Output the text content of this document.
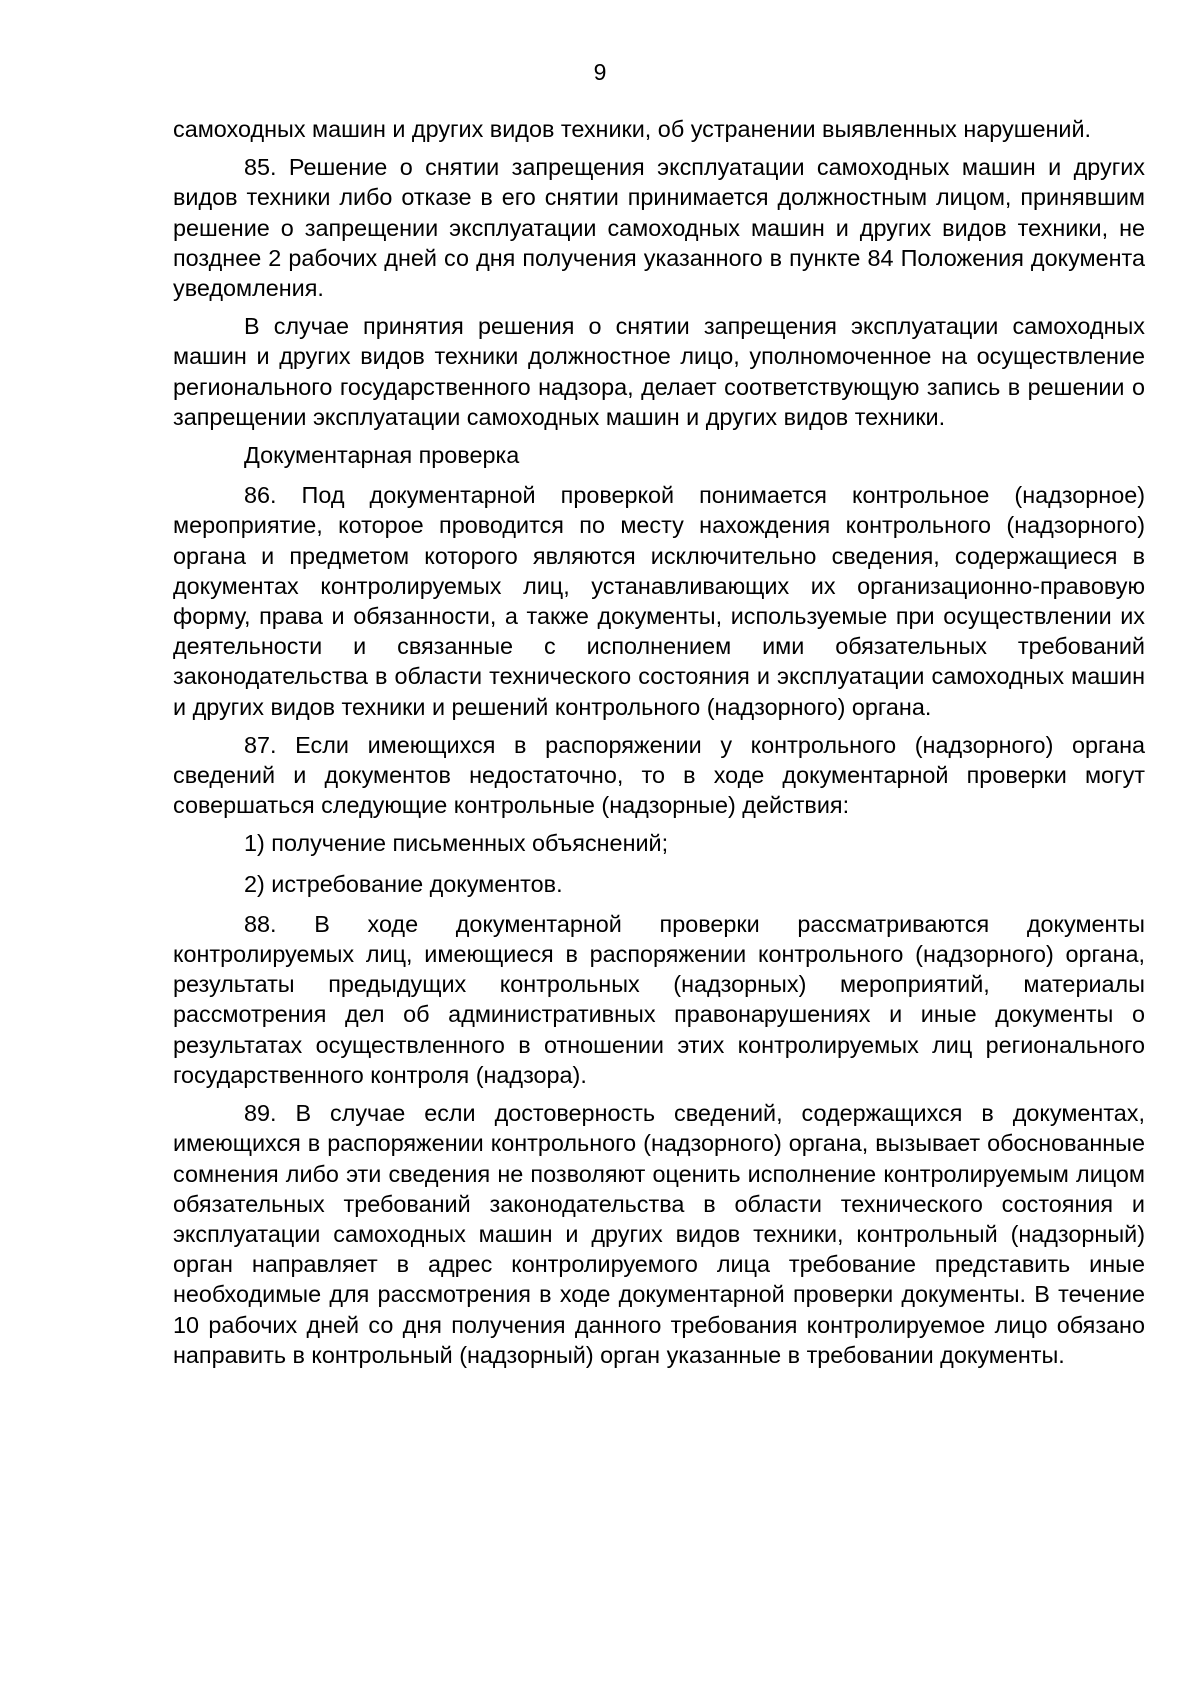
9

самоходных машин и других видов техники, об устранении выявленных нарушений.

85. Решение о снятии запрещения эксплуатации самоходных машин и других видов техники либо отказе в его снятии принимается должностным лицом, принявшим решение о запрещении эксплуатации самоходных машин и других видов техники, не позднее 2 рабочих дней со дня получения указанного в пункте 84 Положения документа уведомления.

В случае принятия решения о снятии запрещения эксплуатации самоходных машин и других видов техники должностное лицо, уполномоченное на осуществление регионального государственного надзора, делает соответствующую запись в решении о запрещении эксплуатации самоходных машин и других видов техники.

Документарная проверка

86. Под документарной проверкой понимается контрольное (надзорное) мероприятие, которое проводится по месту нахождения контрольного (надзорного) органа и предметом которого являются исключительно сведения, содержащиеся в документах контролируемых лиц, устанавливающих их организационно-правовую форму, права и обязанности, а также документы, используемые при осуществлении их деятельности и связанные с исполнением ими обязательных требований законодательства в области технического состояния и эксплуатации самоходных машин и других видов техники и решений контрольного (надзорного) органа.

87. Если имеющихся в распоряжении у контрольного (надзорного) органа сведений и документов недостаточно, то в ходе документарной проверки могут совершаться следующие контрольные (надзорные) действия:

1) получение письменных объяснений;

2) истребование документов.

88. В ходе документарной проверки рассматриваются документы контролируемых лиц, имеющиеся в распоряжении контрольного (надзорного) органа, результаты предыдущих контрольных (надзорных) мероприятий, материалы рассмотрения дел об административных правонарушениях и иные документы о результатах осуществленного в отношении этих контролируемых лиц регионального государственного контроля (надзора).

89. В случае если достоверность сведений, содержащихся в документах, имеющихся в распоряжении контрольного (надзорного) органа, вызывает обоснованные сомнения либо эти сведения не позволяют оценить исполнение контролируемым лицом обязательных требований законодательства в области технического состояния и эксплуатации самоходных машин и других видов техники, контрольный (надзорный) орган направляет в адрес контролируемого лица требование представить иные необходимые для рассмотрения в ходе документарной проверки документы. В течение 10 рабочих дней со дня получения данного требования контролируемое лицо обязано направить в контрольный (надзорный) орган указанные в требовании документы.
